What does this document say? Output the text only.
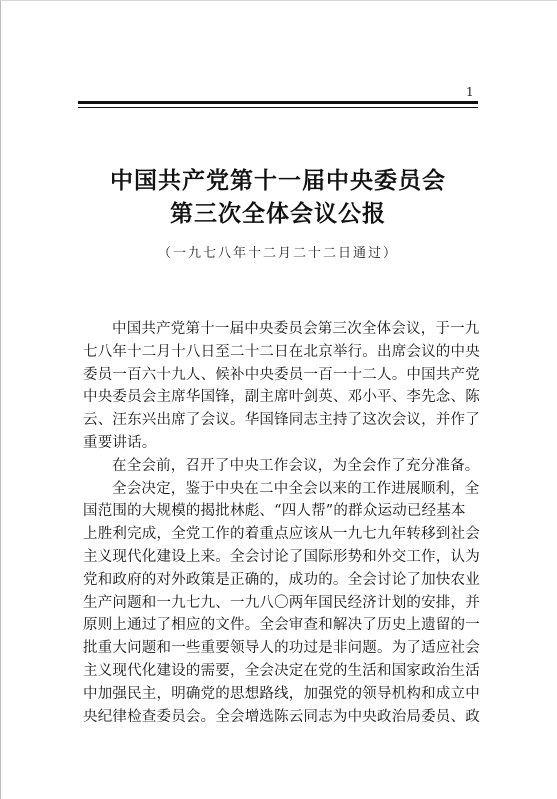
1
中国共产党第十一届中央委员会
第三次全体会议公报
（一九七八年十二月二十二日通过）
中国共产党第十一届中央委员会第三次全体会议，于一九
七八年十二月十八日至二十二日在北京举行。出席会议的中央
委员一百六十九人、候补中央委员一百一十二人。中国共产党
中央委员会主席华国锋，副主席叶剑英、邓小平、李先念、陈
云、汪东兴出席了会议。华国锋同志主持了这次会议，并作了
重要讲话。
在全会前，召开了中央工作会议，为全会作了充分准备。
全会决定，鉴于中央在二中全会以来的工作进展顺利，全
国范围的大规模的揭批林彪、“四人帮”的群众运动已经基本
上胜利完成，全党工作的着重点应该从一九七九年转移到社会
主义现代化建设上来。全会讨论了国际形势和外交工作，认为
党和政府的对外政策是正确的，成功的。全会讨论了加快农业
生产问题和一九七九、一九八〇两年国民经济计划的安排，并
原则上通过了相应的文件。全会审查和解决了历史上遗留的一
批重大问题和一些重要领导人的功过是非问题。为了适应社会
主义现代化建设的需要，全会决定在党的生活和国家政治生活
中加强民主，明确党的思想路线，加强党的领导机构和成立中
央纪律检查委员会。全会增选陈云同志为中央政治局委员、政
